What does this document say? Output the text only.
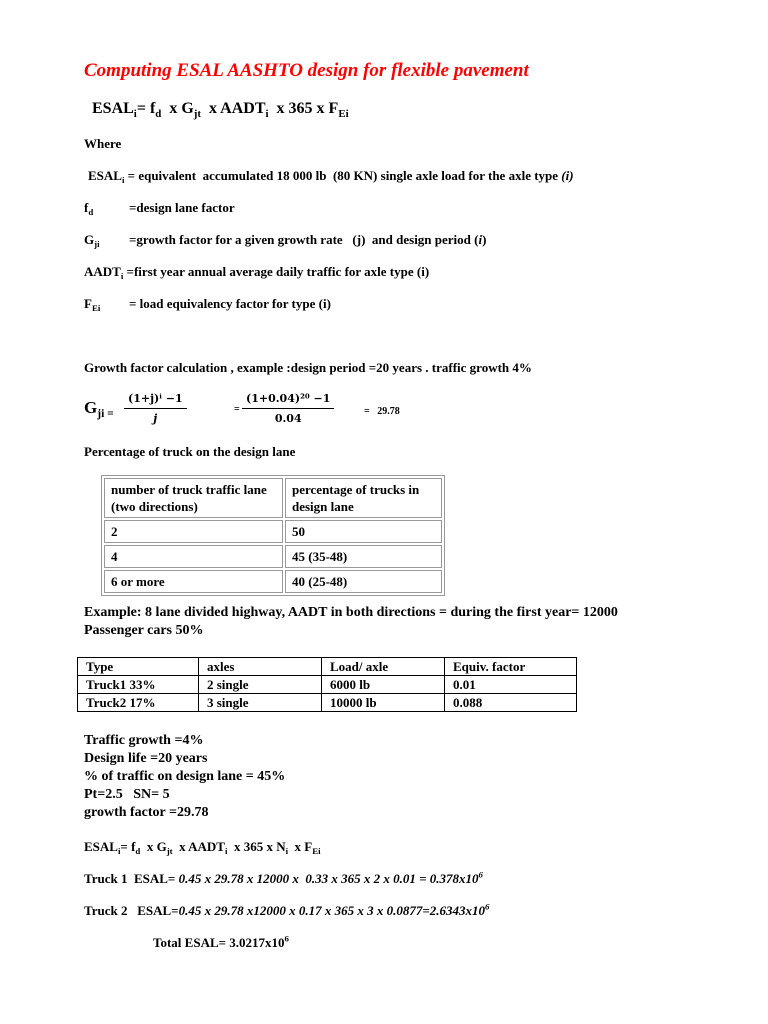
Computing ESAL AASHTO design for flexible pavement
$ESAL_i= f_d$  x $G_{jt}$  x $AADT_i$  x 365 x $F_{Ei}$
Where
$ESAL_i$ = equivalent  accumulated 18 000 lb  (80 KN) single axle load for the axle type (i)
$f_d$	=design lane factor
$G_{ji}$ =growth factor for a given growth rate   (j)  and design period (i)
$AADT_i$ =first year annual average daily traffic for axle type (i)
$F_{Ei}$ = load equivalency factor for type (i)
Growth factor calculation , example :design period =20 years . traffic growth 4%
$G_{ji =} \frac{\text{(1+j)ⁱ −1}}{j}$	= $\frac{\text{(1+0.04)²⁰ −1}}{0.04}$	=   29.78
Percentage of truck on the design lane
number of truck traffic lane (two directions)	percentage of trucks in design lane
2	50
4	45 (35-48)
6 or more	40 (25-48)
Example: 8 lane divided highway, AADT in both directions = during the first year= 12000
Passenger cars 50%
Type	axles	Load/ axle	Equiv. factor
Truck1 33%	2 single	6000 lb	0.01
Truck2 17%	3 single	10000 lb	0.088
Traffic growth =4%
Design life =20 years
% of traffic on design lane = 45%
Pt=2.5   SN= 5
growth factor =29.78
$ESAL_i= f_d$  x $G_{jt}$  x $AADT_i$  x 365 x $N_i$  x $F_{Ei}$
Truck 1  ESAL= 0.45 x 29.78 x 12000 x  0.33 x 365 x 2 x $0.01 = 0.378x10^6$
Truck 2   ESAL=0.45 x 29.78 x12000 x 0.17 x 365 x 3 x $0.0877=2.6343x10^6$
Total ESAL= $3.0217x10^6$
